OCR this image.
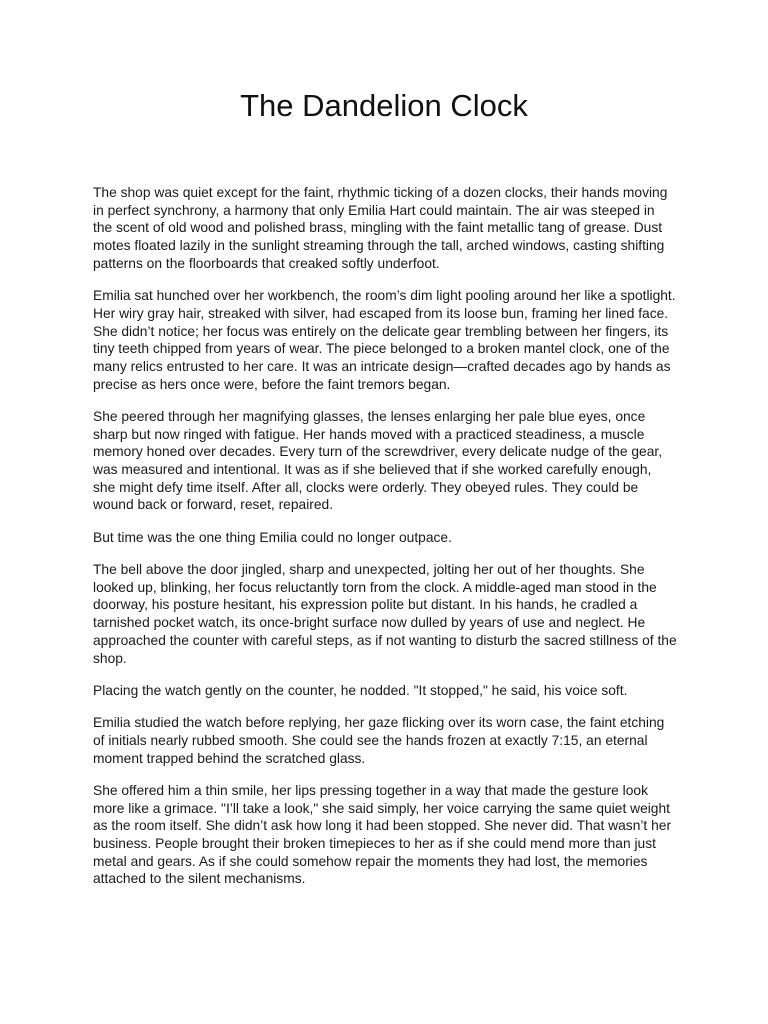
The Dandelion Clock

The shop was quiet except for the faint, rhythmic ticking of a dozen clocks, their hands moving in perfect synchrony, a harmony that only Emilia Hart could maintain. The air was steeped in the scent of old wood and polished brass, mingling with the faint metallic tang of grease. Dust motes floated lazily in the sunlight streaming through the tall, arched windows, casting shifting patterns on the floorboards that creaked softly underfoot.

Emilia sat hunched over her workbench, the room’s dim light pooling around her like a spotlight. Her wiry gray hair, streaked with silver, had escaped from its loose bun, framing her lined face. She didn’t notice; her focus was entirely on the delicate gear trembling between her fingers, its tiny teeth chipped from years of wear. The piece belonged to a broken mantel clock, one of the many relics entrusted to her care. It was an intricate design—crafted decades ago by hands as precise as hers once were, before the faint tremors began.

She peered through her magnifying glasses, the lenses enlarging her pale blue eyes, once sharp but now ringed with fatigue. Her hands moved with a practiced steadiness, a muscle memory honed over decades. Every turn of the screwdriver, every delicate nudge of the gear, was measured and intentional. It was as if she believed that if she worked carefully enough, she might defy time itself. After all, clocks were orderly. They obeyed rules. They could be wound back or forward, reset, repaired.

But time was the one thing Emilia could no longer outpace.

The bell above the door jingled, sharp and unexpected, jolting her out of her thoughts. She looked up, blinking, her focus reluctantly torn from the clock. A middle-aged man stood in the doorway, his posture hesitant, his expression polite but distant. In his hands, he cradled a tarnished pocket watch, its once-bright surface now dulled by years of use and neglect. He approached the counter with careful steps, as if not wanting to disturb the sacred stillness of the shop.

Placing the watch gently on the counter, he nodded. "It stopped," he said, his voice soft.

Emilia studied the watch before replying, her gaze flicking over its worn case, the faint etching of initials nearly rubbed smooth. She could see the hands frozen at exactly 7:15, an eternal moment trapped behind the scratched glass.

She offered him a thin smile, her lips pressing together in a way that made the gesture look more like a grimace. "I’ll take a look," she said simply, her voice carrying the same quiet weight as the room itself. She didn’t ask how long it had been stopped. She never did. That wasn’t her business. People brought their broken timepieces to her as if she could mend more than just metal and gears. As if she could somehow repair the moments they had lost, the memories attached to the silent mechanisms.
